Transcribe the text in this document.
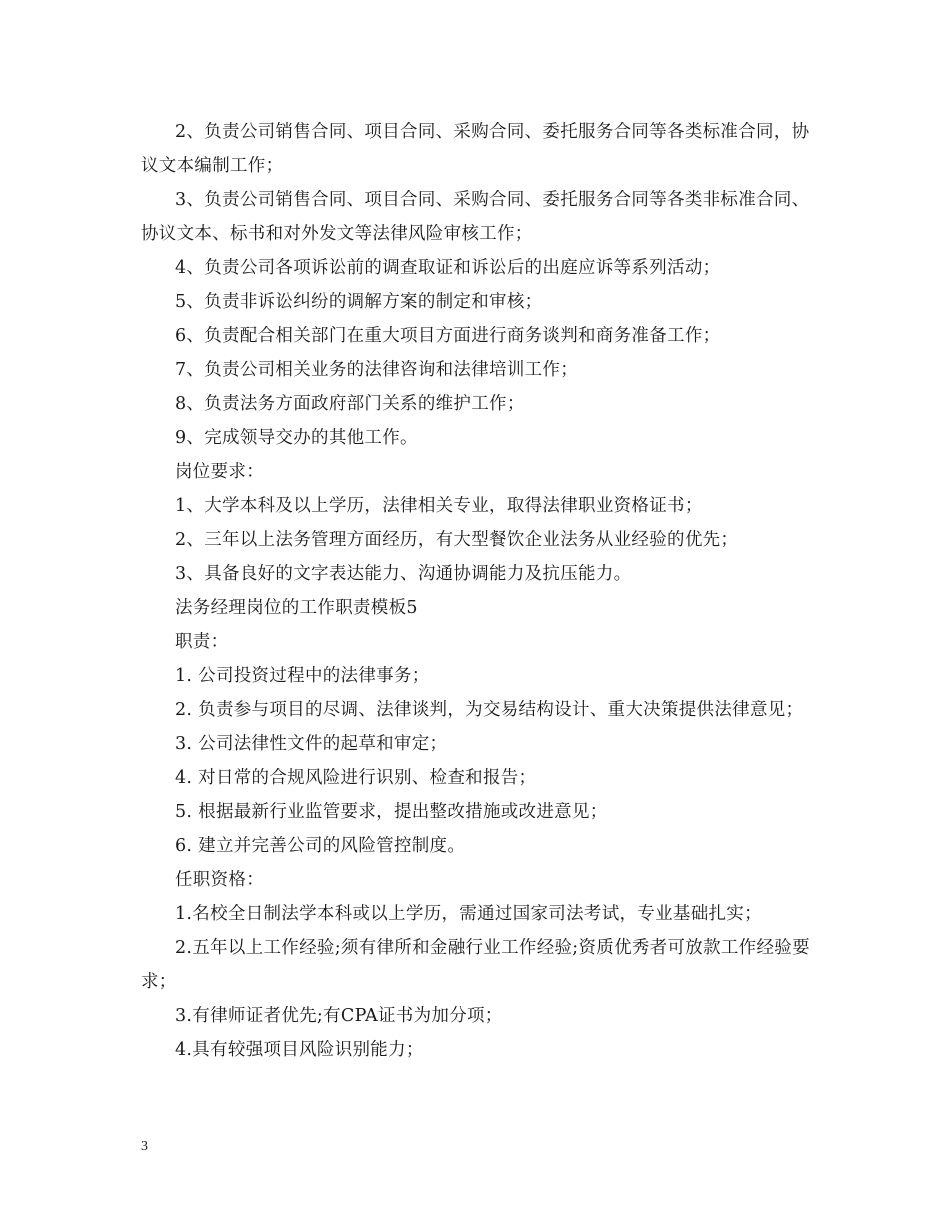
2、负责公司销售合同、项目合同、采购合同、委托服务合同等各类标准合同，协议文本编制工作；

3、负责公司销售合同、项目合同、采购合同、委托服务合同等各类非标准合同、协议文本、标书和对外发文等法律风险审核工作；

4、负责公司各项诉讼前的调查取证和诉讼后的出庭应诉等系列活动；

5、负责非诉讼纠纷的调解方案的制定和审核；

6、负责配合相关部门在重大项目方面进行商务谈判和商务准备工作；

7、负责公司相关业务的法律咨询和法律培训工作；

8、负责法务方面政府部门关系的维护工作；

9、完成领导交办的其他工作。

岗位要求：

1、大学本科及以上学历，法律相关专业，取得法律职业资格证书；

2、三年以上法务管理方面经历，有大型餐饮企业法务从业经验的优先；

3、具备良好的文字表达能力、沟通协调能力及抗压能力。

法务经理岗位的工作职责模板5

职责：

1. 公司投资过程中的法律事务；

2. 负责参与项目的尽调、法律谈判，为交易结构设计、重大决策提供法律意见；

3. 公司法律性文件的起草和审定；

4. 对日常的合规风险进行识别、检查和报告；

5. 根据最新行业监管要求，提出整改措施或改进意见；

6. 建立并完善公司的风险管控制度。

任职资格：

1.名校全日制法学本科或以上学历，需通过国家司法考试，专业基础扎实；

2.五年以上工作经验;须有律所和金融行业工作经验;资质优秀者可放款工作经验要求；

3.有律师证者优先;有CPA证书为加分项；

4.具有较强项目风险识别能力；

3
